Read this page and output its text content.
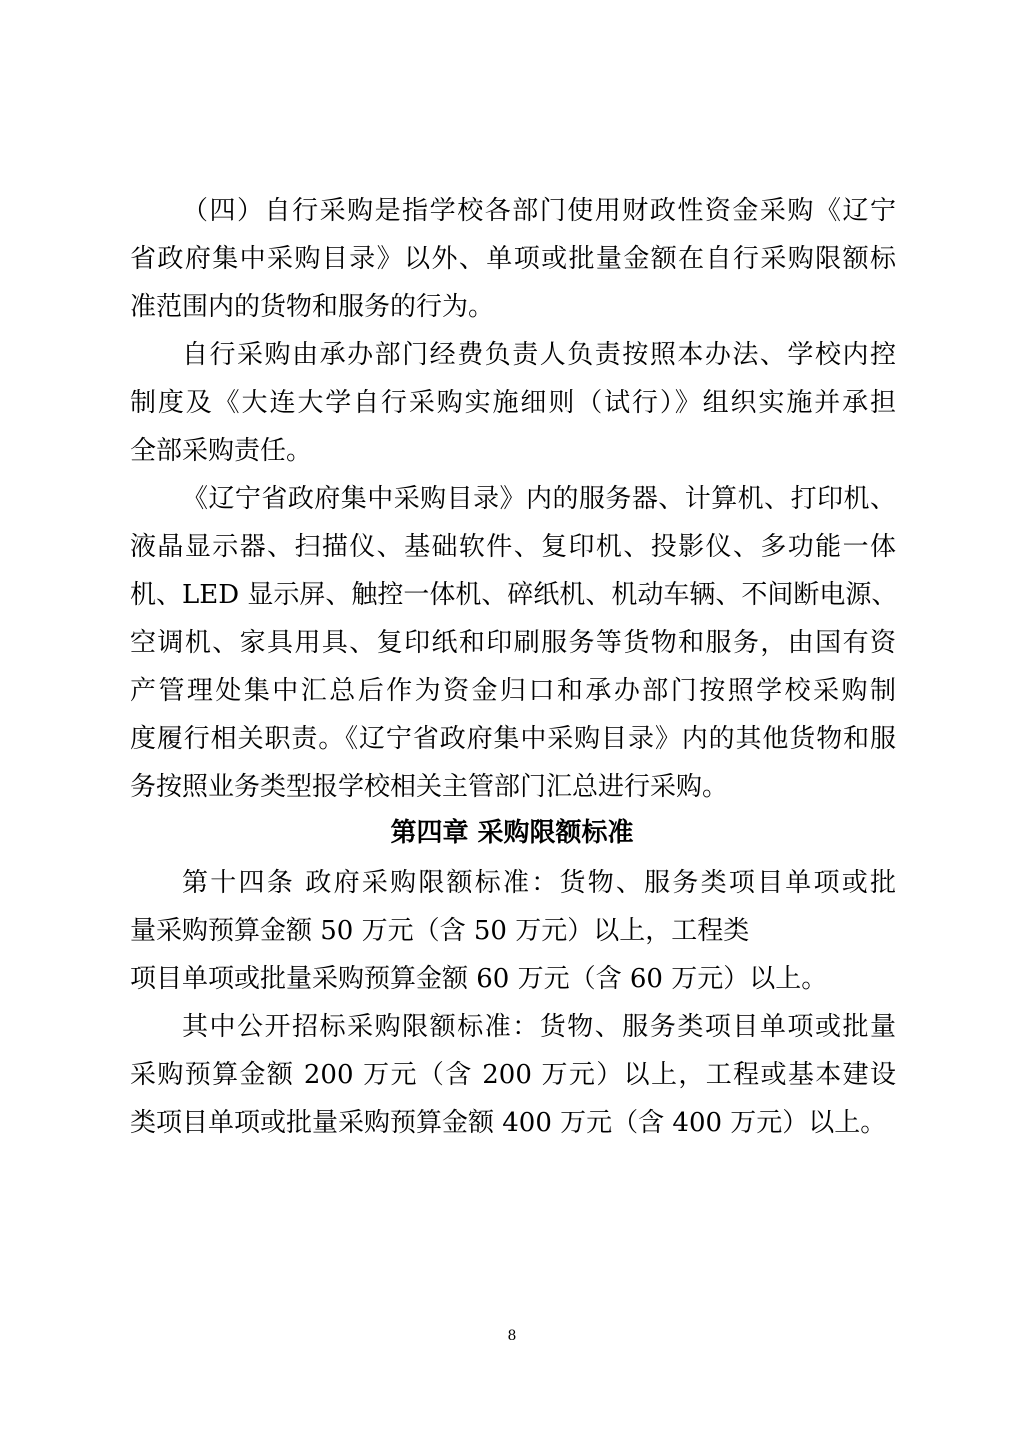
（四）自行采购是指学校各部门使用财政性资金采购《辽宁
省政府集中采购目录》以外、单项或批量金额在自行采购限额标
准范围内的货物和服务的行为。
自行采购由承办部门经费负责人负责按照本办法、学校内控
制度及《大连大学自行采购实施细则（试行）》组织实施并承担
全部采购责任。
《辽宁省政府集中采购目录》内的服务器、计算机、打印机、
液晶显示器、扫描仪、基础软件、复印机、投影仪、多功能一体
机、LED 显示屏、触控一体机、碎纸机、机动车辆、不间断电源、
空调机、家具用具、复印纸和印刷服务等货物和服务，由国有资
产管理处集中汇总后作为资金归口和承办部门按照学校采购制
度履行相关职责。《辽宁省政府集中采购目录》内的其他货物和服
务按照业务类型报学校相关主管部门汇总进行采购。
第四章 采购限额标准
第十四条 政府采购限额标准：货物、服务类项目单项或批
量采购预算金额 50 万元（含 50 万元）以上，工程类
项目单项或批量采购预算金额 60 万元（含 60 万元）以上。
其中公开招标采购限额标准：货物、服务类项目单项或批量
采购预算金额 200 万元（含 200 万元）以上，工程或基本建设
类项目单项或批量采购预算金额 400 万元（含 400 万元）以上。
8
